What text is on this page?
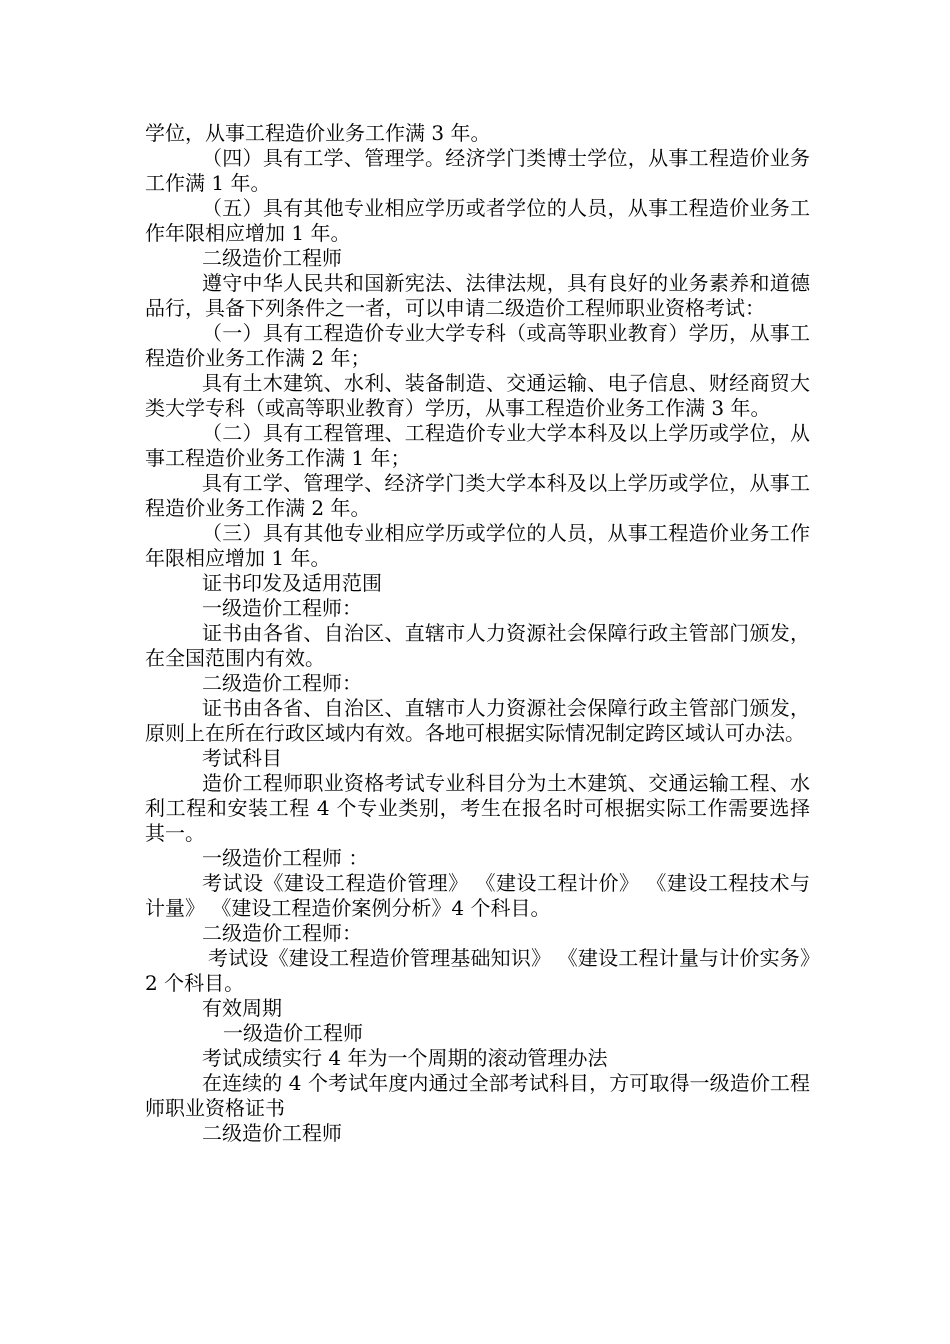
学位，从事工程造价业务工作满 3 年。

（四）具有工学、管理学。经济学门类博士学位，从事工程造价业务工作满 1 年。

（五）具有其他专业相应学历或者学位的人员，从事工程造价业务工作年限相应增加 1 年。

二级造价工程师

遵守中华人民共和国新宪法、法律法规，具有良好的业务素养和道德品行，具备下列条件之一者，可以申请二级造价工程师职业资格考试：

（一）具有工程造价专业大学专科（或高等职业教育）学历，从事工程造价业务工作满 2 年；

具有土木建筑、水利、装备制造、交通运输、电子信息、财经商贸大类大学专科（或高等职业教育）学历，从事工程造价业务工作满 3 年。

（二）具有工程管理、工程造价专业大学本科及以上学历或学位，从事工程造价业务工作满 1 年；

具有工学、管理学、经济学门类大学本科及以上学历或学位，从事工程造价业务工作满 2 年。

（三）具有其他专业相应学历或学位的人员，从事工程造价业务工作年限相应增加 1 年。

证书印发及适用范围

一级造价工程师：

证书由各省、自治区、直辖市人力资源社会保障行政主管部门颁发，在全国范围内有效。

二级造价工程师：

证书由各省、自治区、直辖市人力资源社会保障行政主管部门颁发，原则上在所在行政区域内有效。各地可根据实际情况制定跨区域认可办法。

考试科目

造价工程师职业资格考试专业科目分为土木建筑、交通运输工程、水利工程和安装工程 4 个专业类别，考生在报名时可根据实际工作需要选择其一。

一级造价工程师 ：

考试设《建设工程造价管理》 《建设工程计价》 《建设工程技术与计量》 《建设工程造价案例分析》4 个科目。

二级造价工程师：

考试设《建设工程造价管理基础知识》 《建设工程计量与计价实务》2 个科目。

有效周期

一级造价工程师

考试成绩实行 4 年为一个周期的滚动管理办法

在连续的 4 个考试年度内通过全部考试科目，方可取得一级造价工程师职业资格证书

二级造价工程师
